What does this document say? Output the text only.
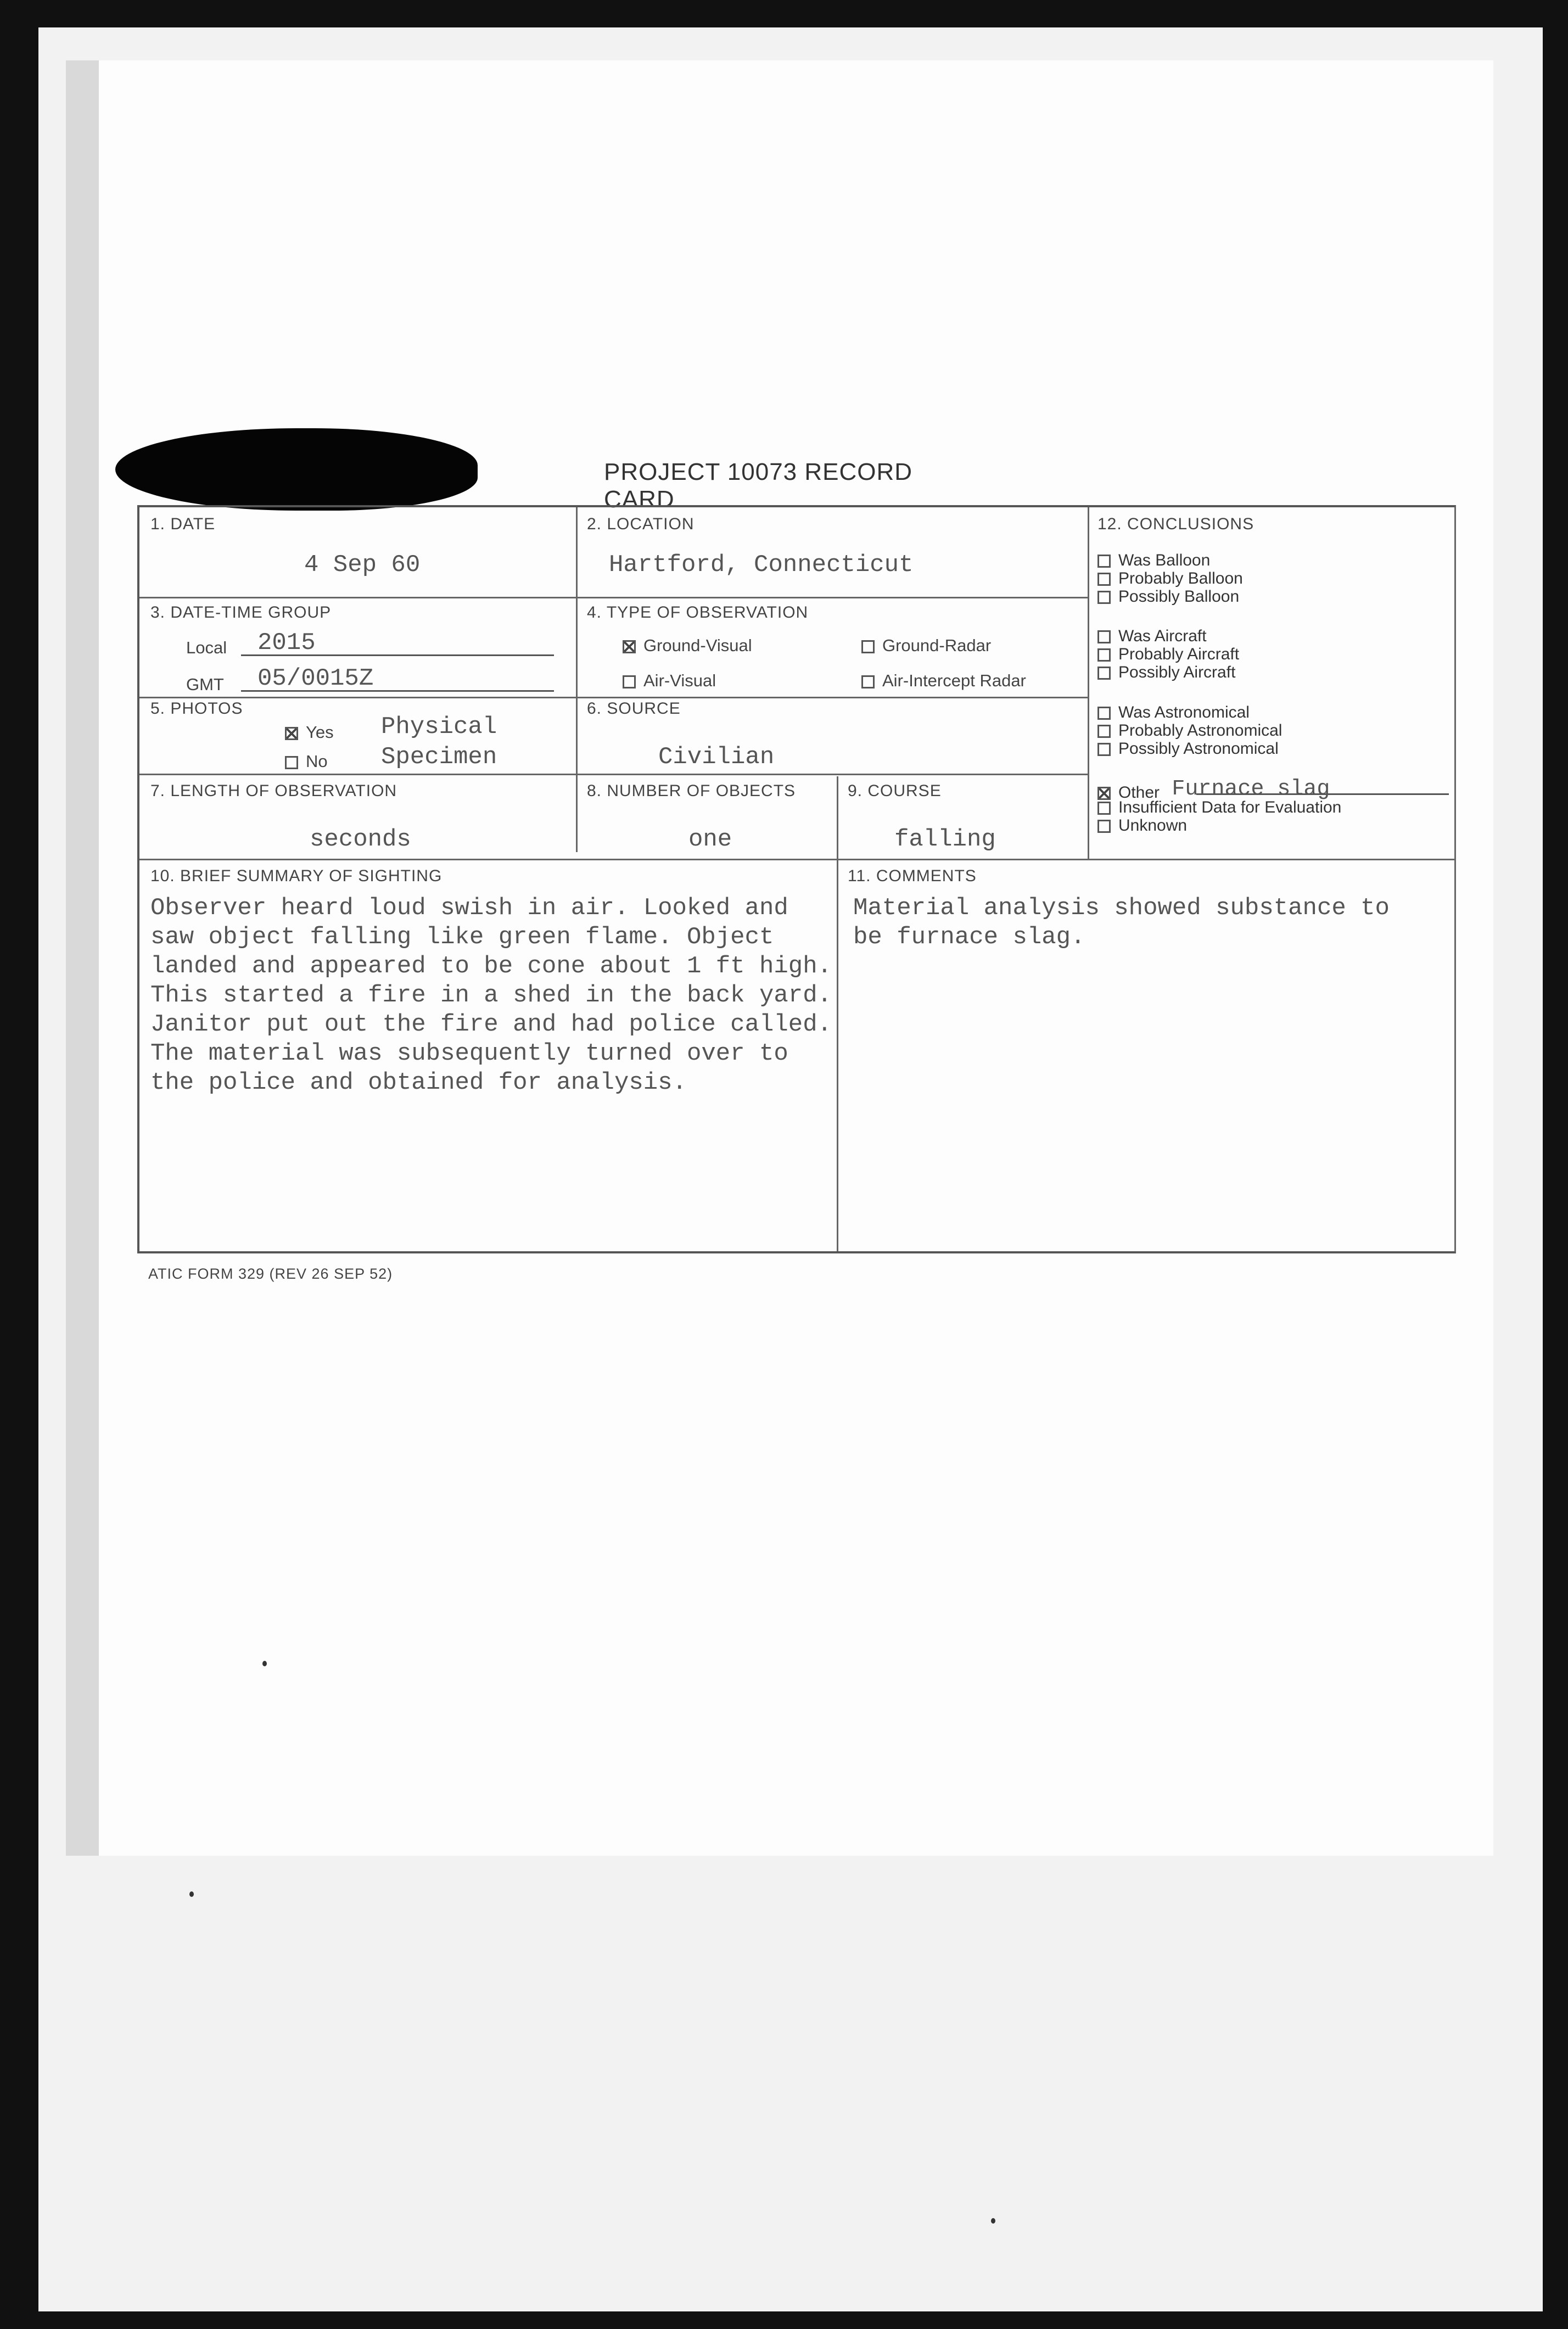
PROJECT 10073 RECORD CARD
1. DATE
4 Sep 60
2. LOCATION
Hartford, Connecticut
3. DATE-TIME GROUP
Local 2015
GMT 05/0015Z
4. TYPE OF OBSERVATION
Ground-Visual	Ground-Radar
Air-Visual	Air-Intercept Radar
5. PHOTOS
Yes
No
Physical
Specimen
6. SOURCE
Civilian
7. LENGTH OF OBSERVATION
seconds
8. NUMBER OF OBJECTS
one
9. COURSE
falling
12. CONCLUSIONS
Was Balloon
Probably Balloon
Possibly Balloon
Was Aircraft
Probably Aircraft
Possibly Aircraft
Was Astronomical
Probably Astronomical
Possibly Astronomical
Other Furnace slag
Insufficient Data for Evaluation
Unknown
10. BRIEF SUMMARY OF SIGHTING
Observer heard loud swish in air. Looked and
saw object falling like green flame. Object
landed and appeared to be cone about 1 ft high.
This started a fire in a shed in the back yard.
Janitor put out the fire and had police called.
The material was subsequently turned over to
the police and obtained for analysis.
11. COMMENTS
Material analysis showed substance to
be furnace slag.
ATIC FORM 329 (REV 26 SEP 52)
